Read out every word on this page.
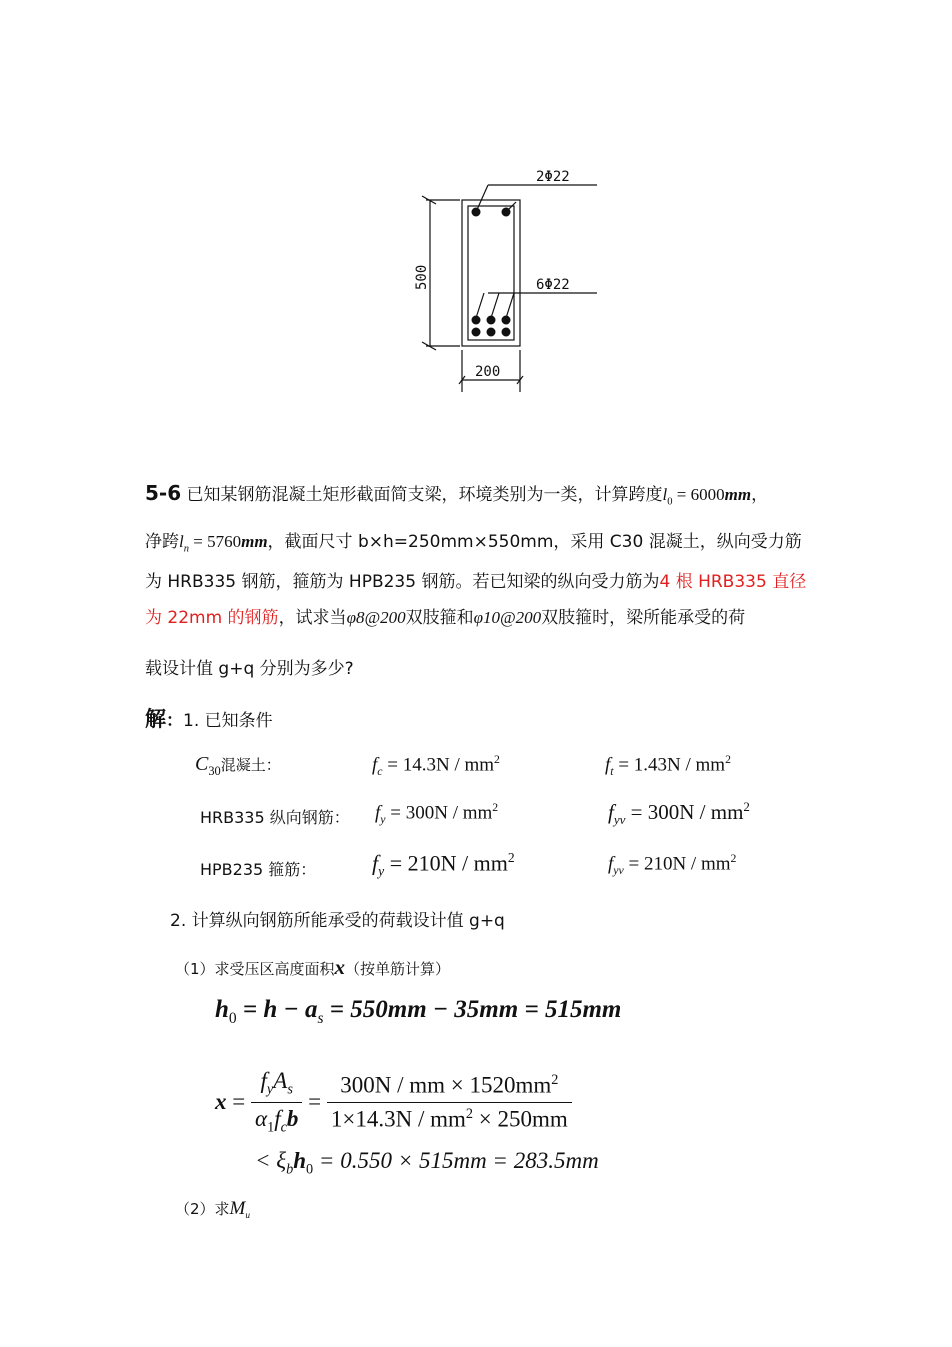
2Φ22
6Φ22
500
200
5-6 已知某钢筋混凝土矩形截面简支梁，环境类别为一类，计算跨度$l_0 = 6000mm$，
净跨$l_n = 5760mm$，截面尺寸 b×h=250mm×550mm，采用 C30 混凝土，纵向受力筋
为 HRB335 钢筋，箍筋为 HPB235 钢筋。若已知梁的纵向受力筋为4 根 HRB335 直径
为 22mm 的钢筋，试求当φ8@200双肢箍和φ10@200双肢箍时，梁所能承受的荷
载设计值 g+q 分别为多少?
解：1. 已知条件
$C_{30}$混凝土：	$f_c = 14.3N / mm^2$	$f_t = 1.43N / mm^2$
HRB335 纵向钢筋： $f_y = 300N / mm^2$	$f_{yv} = 300N / mm^2$
HPB235 箍筋：	$f_y = 210N / mm^2$	$f_{yv} = 210N / mm^2$
2. 计算纵向钢筋所能承受的荷载设计值 g+q
（1）求受压区高度面积x（按单筋计算）
$h_0 = h - a_s = 550mm - 35mm = 515mm$
$x = \frac{f_yA_s}{\alpha_1f_cb} = \frac{300N / mm \times 1520mm^2}{1\times 14.3N / mm^2 \times 250mm}$
< $\xi_bh_0 = 0.550 \times 515mm = 283.5mm$
（2）求$M_u$
